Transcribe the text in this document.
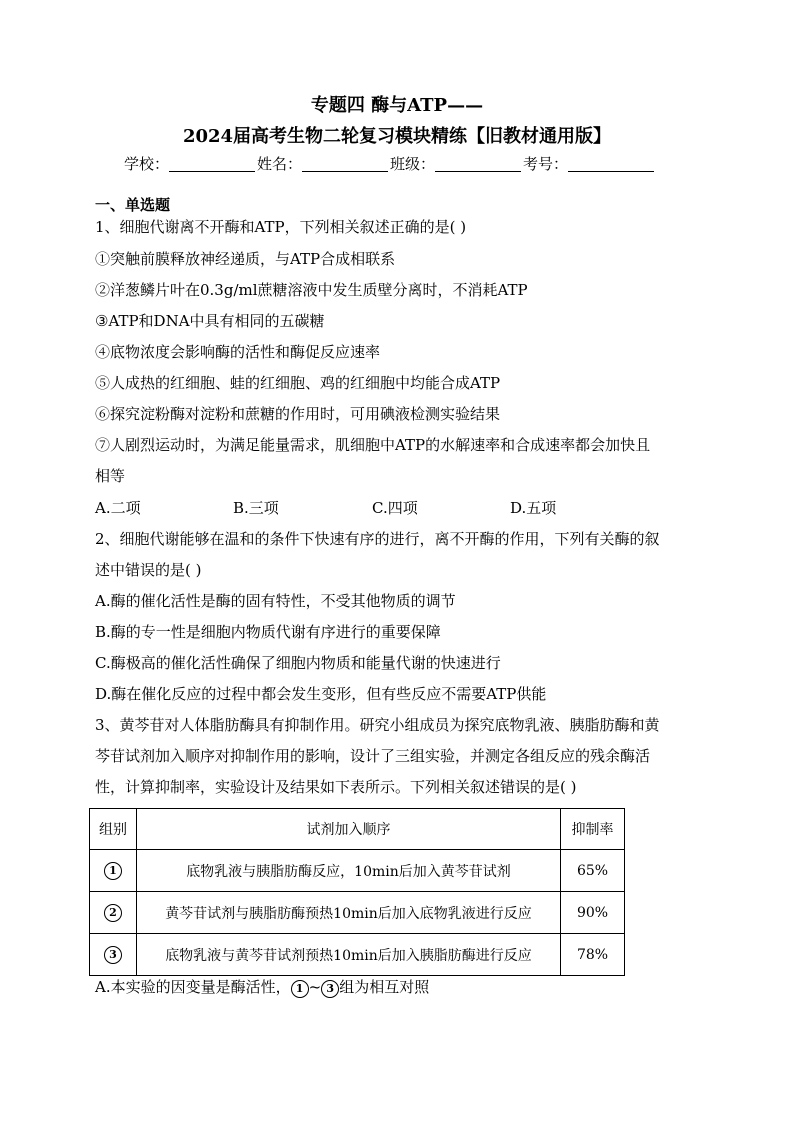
专题四 酶与ATP——
2024届高考生物二轮复习模块精练【旧教材通用版】
学校：	姓名：	班级：	考号：
一、单选题
1、细胞代谢离不开酶和ATP，下列相关叙述正确的是( )
①突触前膜释放神经递质，与ATP合成相联系
②洋葱鳞片叶在0.3g/ml蔗糖溶液中发生质壁分离时，不消耗ATP
③ATP和DNA中具有相同的五碳糖
④底物浓度会影响酶的活性和酶促反应速率
⑤人成热的红细胞、蛙的红细胞、鸡的红细胞中均能合成ATP
⑥探究淀粉酶对淀粉和蔗糖的作用时，可用碘液检测实验结果
⑦人剧烈运动时，为满足能量需求，肌细胞中ATP的水解速率和合成速率都会加快且
相等
A.二项	B.三项	C.四项	D.五项
2、细胞代谢能够在温和的条件下快速有序的进行，离不开酶的作用，下列有关酶的叙
述中错误的是( )
A.酶的催化活性是酶的固有特性，不受其他物质的调节
B.酶的专一性是细胞内物质代谢有序进行的重要保障
C.酶极高的催化活性确保了细胞内物质和能量代谢的快速进行
D.酶在催化反应的过程中都会发生变形，但有些反应不需要ATP供能
3、黄芩苷对人体脂肪酶具有抑制作用。研究小组成员为探究底物乳液、胰脂肪酶和黄
芩苷试剂加入顺序对抑制作用的影响，设计了三组实验，并测定各组反应的残余酶活
性，计算抑制率，实验设计及结果如下表所示。下列相关叙述错误的是( )
组别	试剂加入顺序	抑制率
1	底物乳液与胰脂肪酶反应，10min后加入黄芩苷试剂	65%
2	黄芩苷试剂与胰脂肪酶预热10min后加入底物乳液进行反应	90%
3	底物乳液与黄芩苷试剂预热10min后加入胰脂肪酶进行反应	78%
A.本实验的因变量是酶活性， 1 ~ 3 组为相互对照
